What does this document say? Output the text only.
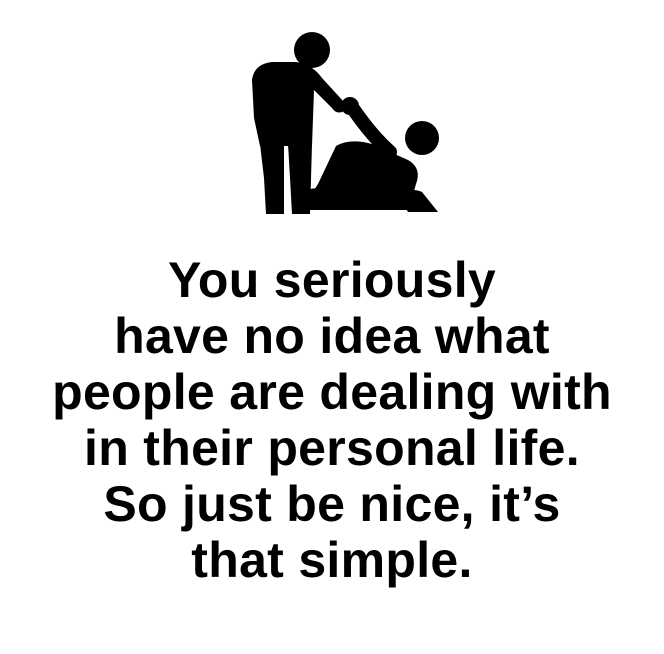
You seriously
have no idea what
people are dealing with
in their personal life.
So just be nice, it’s
that simple.
